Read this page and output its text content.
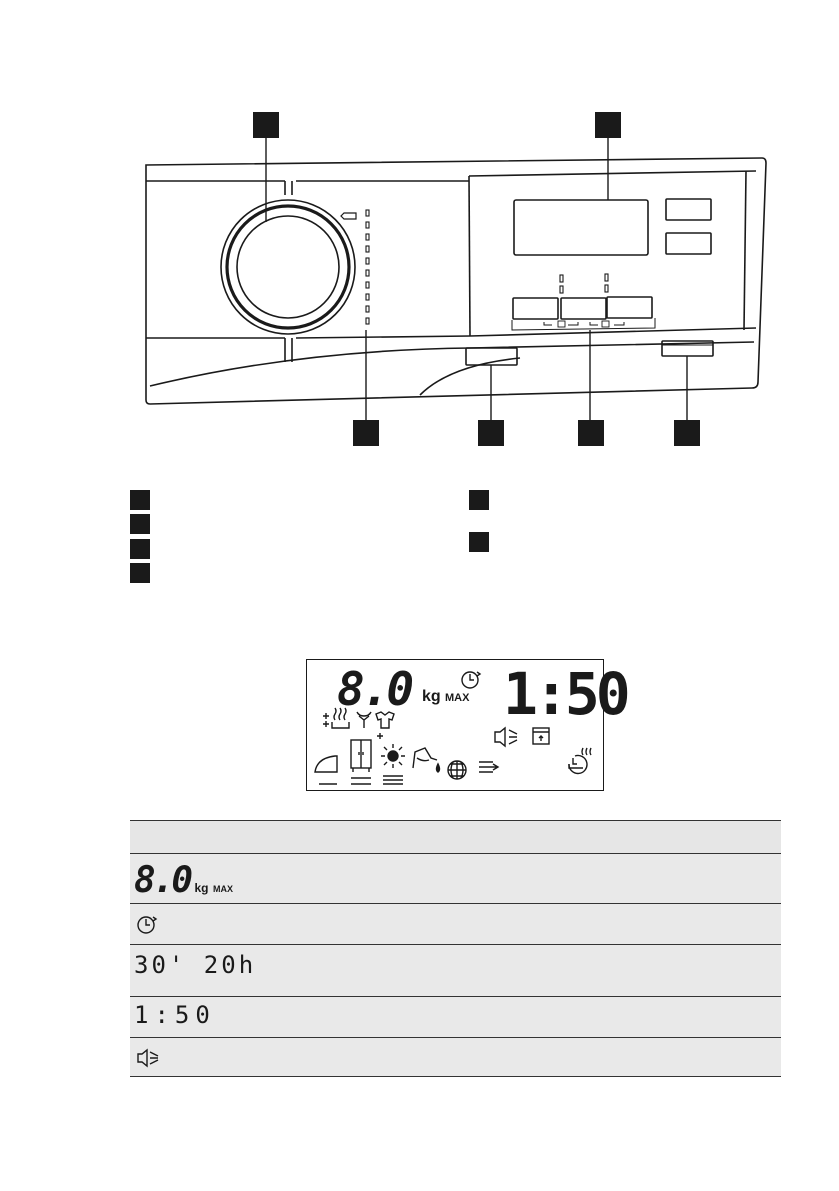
8.0 kg MAX 1:50
8.0 kg MAX
30' 20h
1:50
